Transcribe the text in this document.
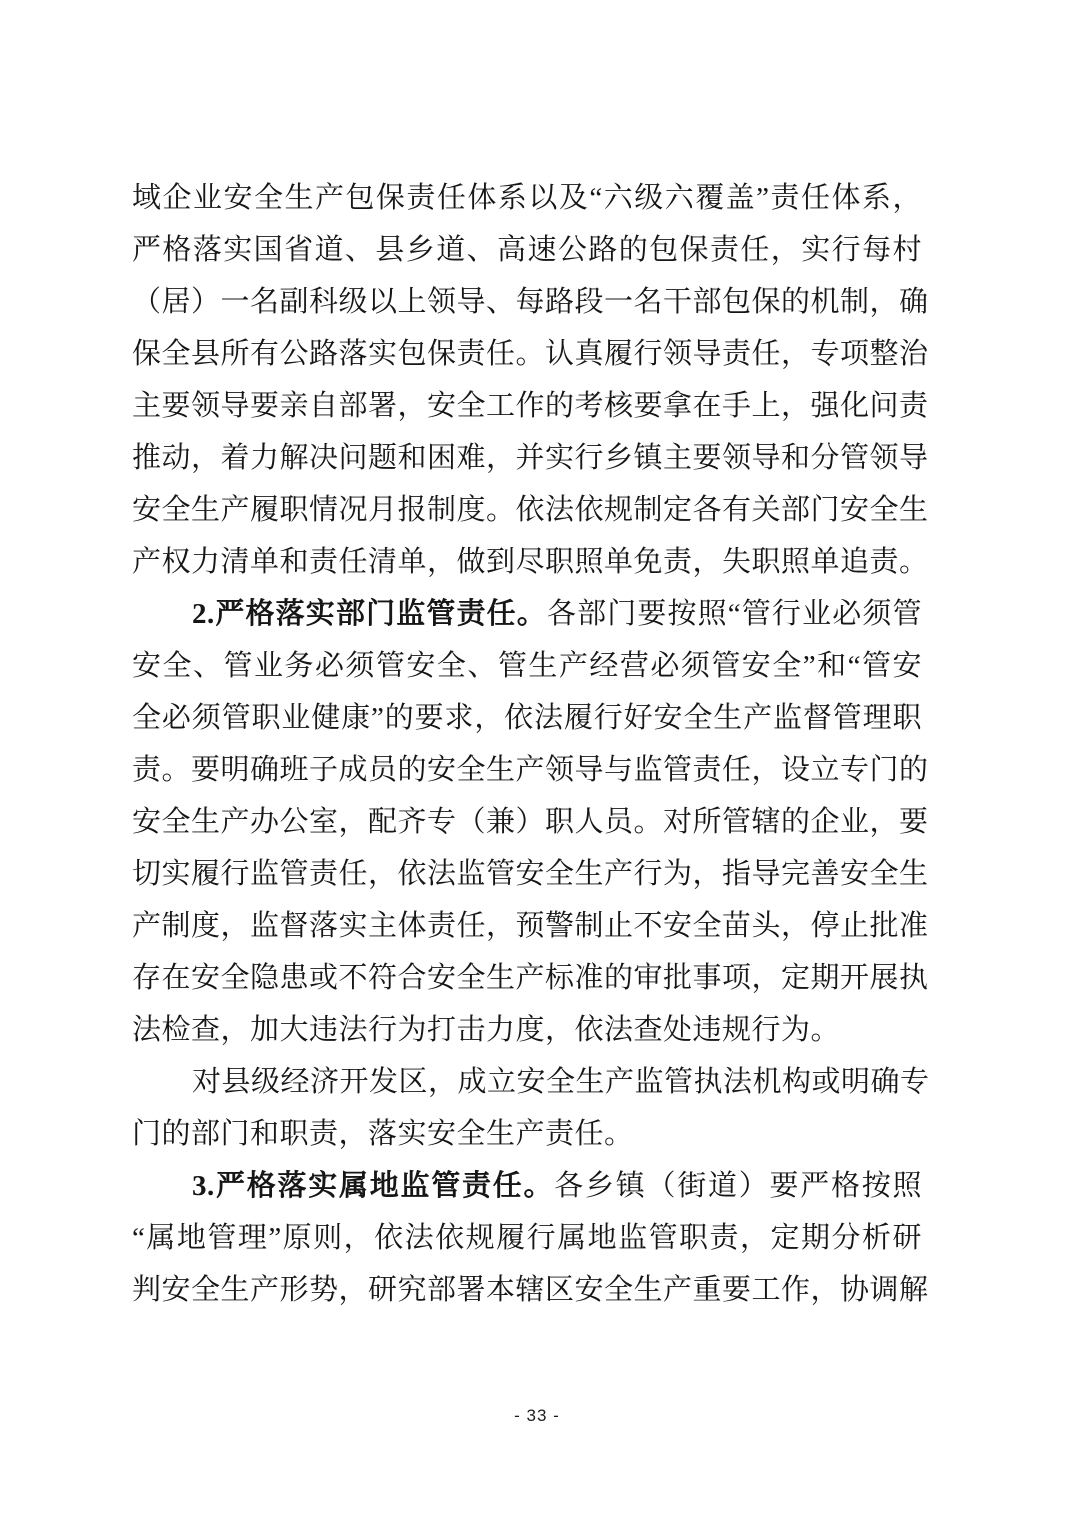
域企业安全生产包保责任体系以及“六级六覆盖”责任体系，
严格落实国省道、县乡道、高速公路的包保责任，实行每村
（居）一名副科级以上领导、每路段一名干部包保的机制，确
保全县所有公路落实包保责任。认真履行领导责任，专项整治
主要领导要亲自部署，安全工作的考核要拿在手上，强化问责
推动，着力解决问题和困难，并实行乡镇主要领导和分管领导
安全生产履职情况月报制度。依法依规制定各有关部门安全生
产权力清单和责任清单，做到尽职照单免责，失职照单追责。
2.严格落实部门监管责任。各部门要按照“管行业必须管
安全、管业务必须管安全、管生产经营必须管安全”和“管安
全必须管职业健康”的要求，依法履行好安全生产监督管理职
责。要明确班子成员的安全生产领导与监管责任，设立专门的
安全生产办公室，配齐专（兼）职人员。对所管辖的企业，要
切实履行监管责任，依法监管安全生产行为，指导完善安全生
产制度，监督落实主体责任，预警制止不安全苗头，停止批准
存在安全隐患或不符合安全生产标准的审批事项，定期开展执
法检查，加大违法行为打击力度，依法查处违规行为。
对县级经济开发区，成立安全生产监管执法机构或明确专
门的部门和职责，落实安全生产责任。
3.严格落实属地监管责任。各乡镇（街道）要严格按照
“属地管理”原则，依法依规履行属地监管职责，定期分析研
判安全生产形势，研究部署本辖区安全生产重要工作，协调解
- 33 -
